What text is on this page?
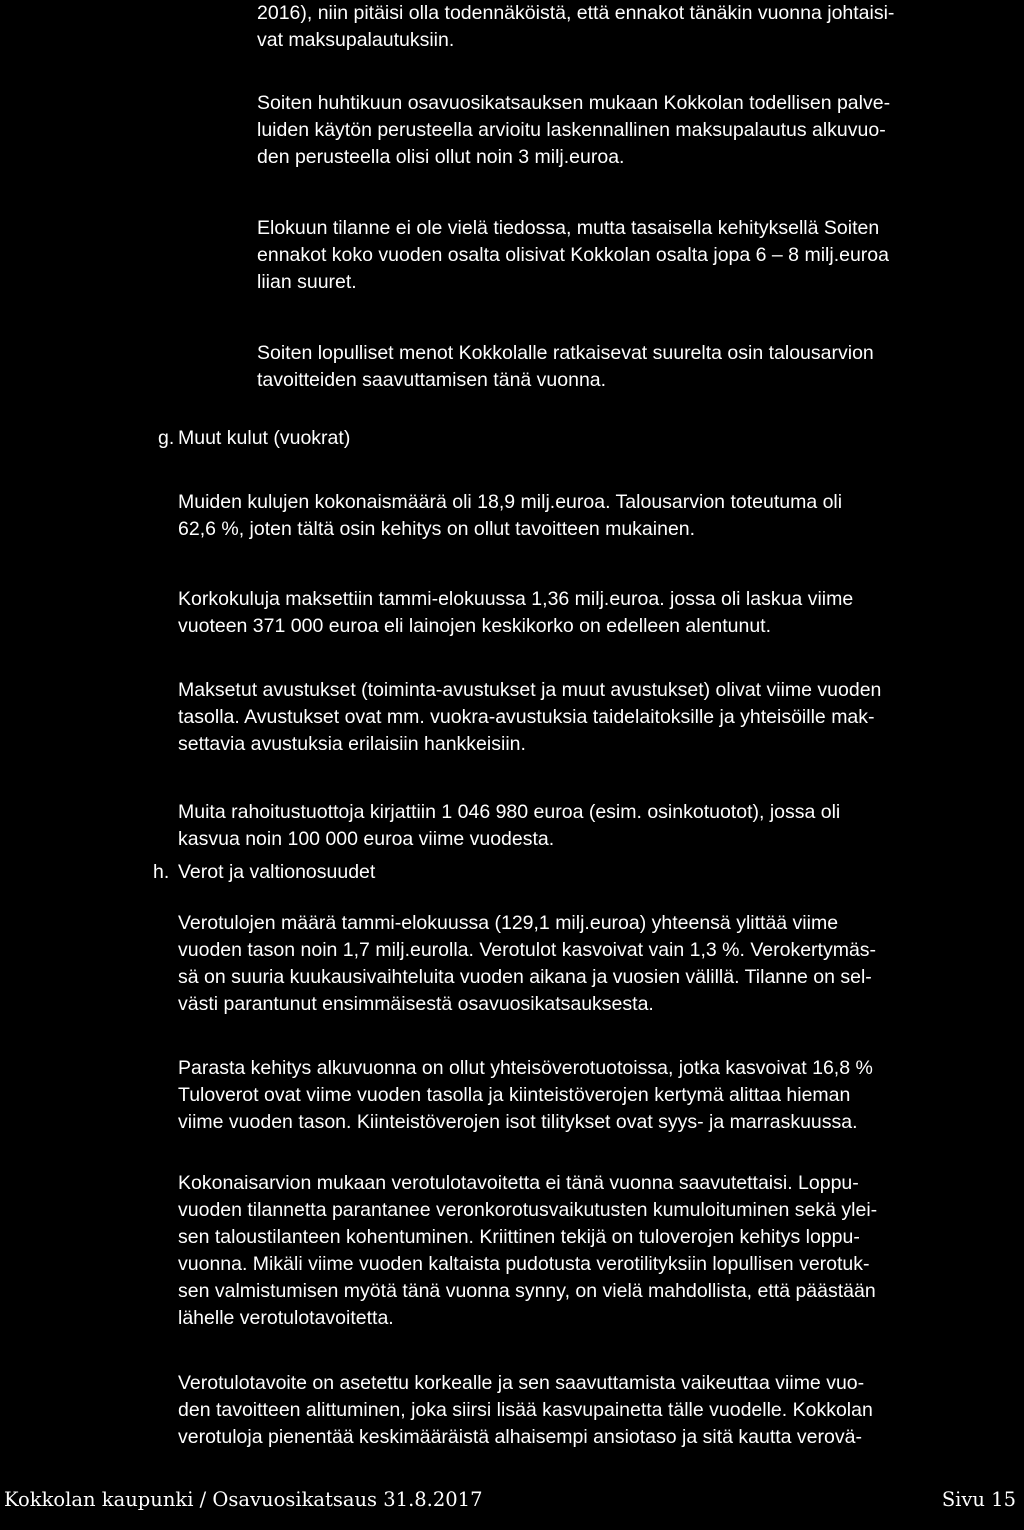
2016), niin pitäisi olla todennäköistä, että ennakot tänäkin vuonna johtaisi-
vat maksupalautuksiin.
Soiten huhtikuun osavuosikatsauksen mukaan Kokkolan todellisen palve-
luiden käytön perusteella arvioitu laskennallinen maksupalautus alkuvuo-
den perusteella olisi ollut noin 3 milj.euroa.
Elokuun tilanne ei ole vielä tiedossa, mutta tasaisella kehityksellä Soiten
ennakot koko vuoden osalta olisivat Kokkolan osalta jopa 6 – 8 milj.euroa
liian suuret.
Soiten lopulliset menot Kokkolalle ratkaisevat suurelta osin talousarvion
tavoitteiden saavuttamisen tänä vuonna.
g. Muut kulut (vuokrat)
Muiden kulujen kokonaismäärä oli 18,9 milj.euroa. Talousarvion toteutuma oli
62,6 %, joten tältä osin kehitys on ollut tavoitteen mukainen.
Korkokuluja maksettiin tammi-elokuussa 1,36 milj.euroa. jossa oli laskua viime
vuoteen 371 000 euroa eli lainojen keskikorko on edelleen alentunut.
Maksetut avustukset (toiminta-avustukset ja muut avustukset) olivat viime vuoden
tasolla. Avustukset ovat mm. vuokra-avustuksia taidelaitoksille ja yhteisöille mak-
settavia avustuksia erilaisiin hankkeisiin.
Muita rahoitustuottoja kirjattiin 1 046 980 euroa (esim. osinkotuotot), jossa oli
kasvua noin 100 000 euroa viime vuodesta.
h. Verot ja valtionosuudet
Verotulojen määrä tammi-elokuussa (129,1 milj.euroa) yhteensä ylittää viime
vuoden tason noin 1,7 milj.eurolla. Verotulot kasvoivat vain 1,3 %. Verokertymäs-
sä on suuria kuukausivaihteluita vuoden aikana ja vuosien välillä. Tilanne on sel-
västi parantunut ensimmäisestä osavuosikatsauksesta.
Parasta kehitys alkuvuonna on ollut yhteisöverotuotoissa, jotka kasvoivat 16,8 %
Tuloverot ovat viime vuoden tasolla ja kiinteistöverojen kertymä alittaa hieman
viime vuoden tason. Kiinteistöverojen isot tilitykset ovat syys- ja marraskuussa.
Kokonaisarvion mukaan verotulotavoitetta ei tänä vuonna saavutettaisi. Loppu-
vuoden tilannetta parantanee veronkorotusvaikutusten kumuloituminen sekä ylei-
sen taloustilanteen kohentuminen. Kriittinen tekijä on tuloverojen kehitys loppu-
vuonna. Mikäli viime vuoden kaltaista pudotusta verotilityksiin lopullisen verotuk-
sen valmistumisen myötä tänä vuonna synny, on vielä mahdollista, että päästään
lähelle verotulotavoitetta.
Verotulotavoite on asetettu korkealle ja sen saavuttamista vaikeuttaa viime vuo-
den tavoitteen alittuminen, joka siirsi lisää kasvupainetta tälle vuodelle. Kokkolan
verotuloja pienentää keskimääräistä alhaisempi ansiotaso ja sitä kautta verovä-
Kokkolan kaupunki / Osavuosikatsaus 31.8.2017	Sivu 15
